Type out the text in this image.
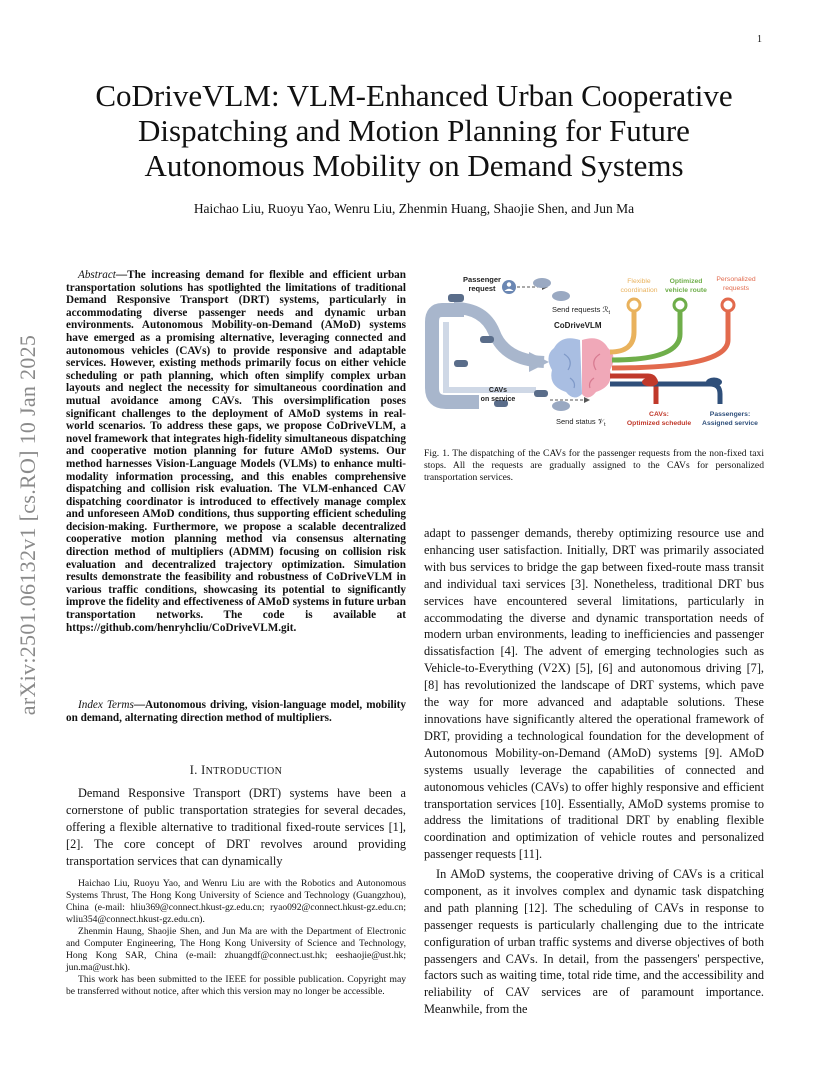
1
arXiv:2501.06132v1 [cs.RO] 10 Jan 2025
CoDriveVLM: VLM-Enhanced Urban Cooperative Dispatching and Motion Planning for Future Autonomous Mobility on Demand Systems
Haichao Liu, Ruoyu Yao, Wenru Liu, Zhenmin Huang, Shaojie Shen, and Jun Ma
Abstract—The increasing demand for flexible and efficient urban transportation solutions has spotlighted the limitations of traditional Demand Responsive Transport (DRT) systems, particularly in accommodating diverse passenger needs and dynamic urban environments. Autonomous Mobility-on-Demand (AMoD) systems have emerged as a promising alternative, leveraging connected and autonomous vehicles (CAVs) to provide responsive and adaptable services. However, existing methods primarily focus on either vehicle scheduling or path planning, which often simplify complex urban layouts and neglect the necessity for simultaneous coordination and mutual avoidance among CAVs. This oversimplification poses significant challenges to the deployment of AMoD systems in real-world scenarios. To address these gaps, we propose CoDriveVLM, a novel framework that integrates high-fidelity simultaneous dispatching and cooperative motion planning for future AMoD systems. Our method harnesses Vision-Language Models (VLMs) to enhance multi-modality information processing, and this enables comprehensive dispatching and collision risk evaluation. The VLM-enhanced CAV dispatching coordinator is introduced to effectively manage complex and unforeseen AMoD conditions, thus supporting efficient scheduling decision-making. Furthermore, we propose a scalable decentralized cooperative motion planning method via consensus alternating direction method of multipliers (ADMM) focusing on collision risk evaluation and decentralized trajectory optimization. Simulation results demonstrate the feasibility and robustness of CoDriveVLM in various traffic conditions, showcasing its potential to significantly improve the fidelity and effectiveness of AMoD systems in future urban transportation networks. The code is available at https://github.com/henryhcliu/CoDriveVLM.git.
Index Terms—Autonomous driving, vision-language model, mobility on demand, alternating direction method of multipliers.
I. INTRODUCTION
Demand Responsive Transport (DRT) systems have been a cornerstone of public transportation strategies for several decades, offering a flexible alternative to traditional fixed-route services [1], [2]. The core concept of DRT revolves around providing transportation services that can dynamically

Haichao Liu, Ruoyu Yao, and Wenru Liu are with the Robotics and Autonomous Systems Thrust, The Hong Kong University of Science and Technology (Guangzhou), China (e-mail: hliu369@connect.hkust-gz.edu.cn; ryao092@connect.hkust-gz.edu.cn; wliu354@connect.hkust-gz.edu.cn).

Zhenmin Haung, Shaojie Shen, and Jun Ma are with the Department of Electronic and Computer Engineering, The Hong Kong University of Science and Technology, Hong Kong SAR, China (e-mail: zhuangdf@connect.ust.hk; eeshaojie@ust.hk; jun.ma@ust.hk).

This work has been submitted to the IEEE for possible publication. Copyright may be transferred without notice, after which this version may no longer be accessible.

Passenger request
Send requests ℛ$_t$
CoDriveVLM
CAVs on service
Send status 𝒱$_t$
Flexible coordination
Optimized vehicle route
Personalized requests
CAVs: Optimized schedule
Passengers: Assigned service
Fig. 1. The dispatching of the CAVs for the passenger requests from the non-fixed taxi stops. All the requests are gradually assigned to the CAVs for personalized transportation services.
adapt to passenger demands, thereby optimizing resource use and enhancing user satisfaction. Initially, DRT was primarily associated with bus services to bridge the gap between fixed-route mass transit and individual taxi services [3]. Nonetheless, traditional DRT bus services have encountered several limitations, particularly in accommodating the diverse and dynamic transportation needs of modern urban environments, leading to inefficiencies and passenger dissatisfaction [4]. The advent of emerging technologies such as Vehicle-to-Everything (V2X) [5], [6] and autonomous driving [7], [8] has revolutionized the landscape of DRT systems, which pave the way for more advanced and adaptable solutions. These innovations have significantly altered the operational framework of DRT, providing a technological foundation for the development of Autonomous Mobility-on-Demand (AMoD) systems [9]. AMoD systems usually leverage the capabilities of connected and autonomous vehicles (CAVs) to offer highly responsive and efficient transportation services [10]. Essentially, AMoD systems promise to address the limitations of traditional DRT by enabling flexible coordination and optimization of vehicle routes and personalized passenger requests [11].
In AMoD systems, the cooperative driving of CAVs is a critical component, as it involves complex and dynamic task dispatching and path planning [12]. The scheduling of CAVs in response to passenger requests is particularly challenging due to the intricate configuration of urban traffic systems and diverse objectives of both passengers and CAVs. In detail, from the passengers' perspective, factors such as waiting time, total ride time, and the accessibility and reliability of CAV services are of paramount importance. Meanwhile, from the
